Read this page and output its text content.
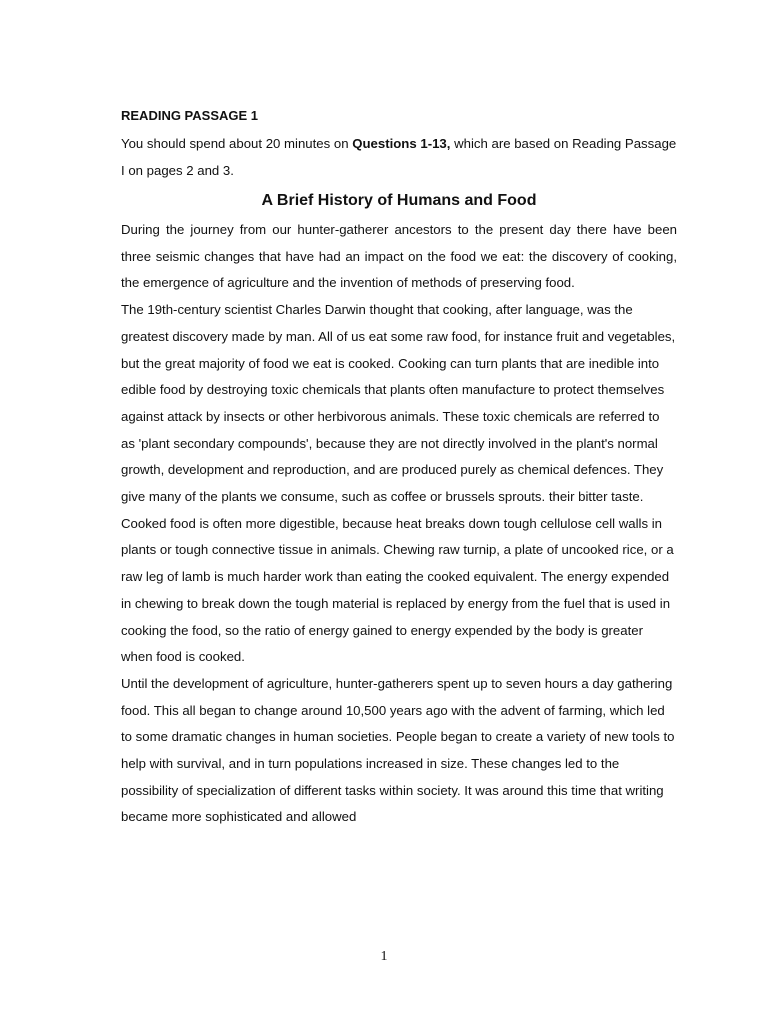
READING PASSAGE 1

You should spend about 20 minutes on Questions 1-13, which are based on Reading Passage I on pages 2 and 3.

A Brief History of Humans and Food

During the journey from our hunter-gatherer ancestors to the present day there have been three seismic changes that have had an impact on the food we eat: the discovery of cooking, the emergence of agriculture and the invention of methods of preserving food.

The 19th-century scientist Charles Darwin thought that cooking, after language, was the greatest discovery made by man. All of us eat some raw food, for instance fruit and vegetables, but the great majority of food we eat is cooked. Cooking can turn plants that are inedible into edible food by destroying toxic chemicals that plants often manufacture to protect themselves against attack by insects or other herbivorous animals. These toxic chemicals are referred to as 'plant secondary compounds', because they are not directly involved in the plant's normal growth, development and reproduction, and are produced purely as chemical defences. They give many of the plants we consume, such as coffee or brussels sprouts. their bitter taste.

Cooked food is often more digestible, because heat breaks down tough cellulose cell walls in plants or tough connective tissue in animals. Chewing raw turnip, a plate of uncooked rice, or a raw leg of lamb is much harder work than eating the cooked equivalent. The energy expended in chewing to break down the tough material is replaced by energy from the fuel that is used in cooking the food, so the ratio of energy gained to energy expended by the body is greater when food is cooked.

Until the development of agriculture, hunter-gatherers spent up to seven hours a day gathering food. This all began to change around 10,500 years ago with the advent of farming, which led to some dramatic changes in human societies. People began to create a variety of new tools to help with survival, and in turn populations increased in size. These changes led to the possibility of specialization of different tasks within society. It was around this time that writing became more sophisticated and allowed

1
